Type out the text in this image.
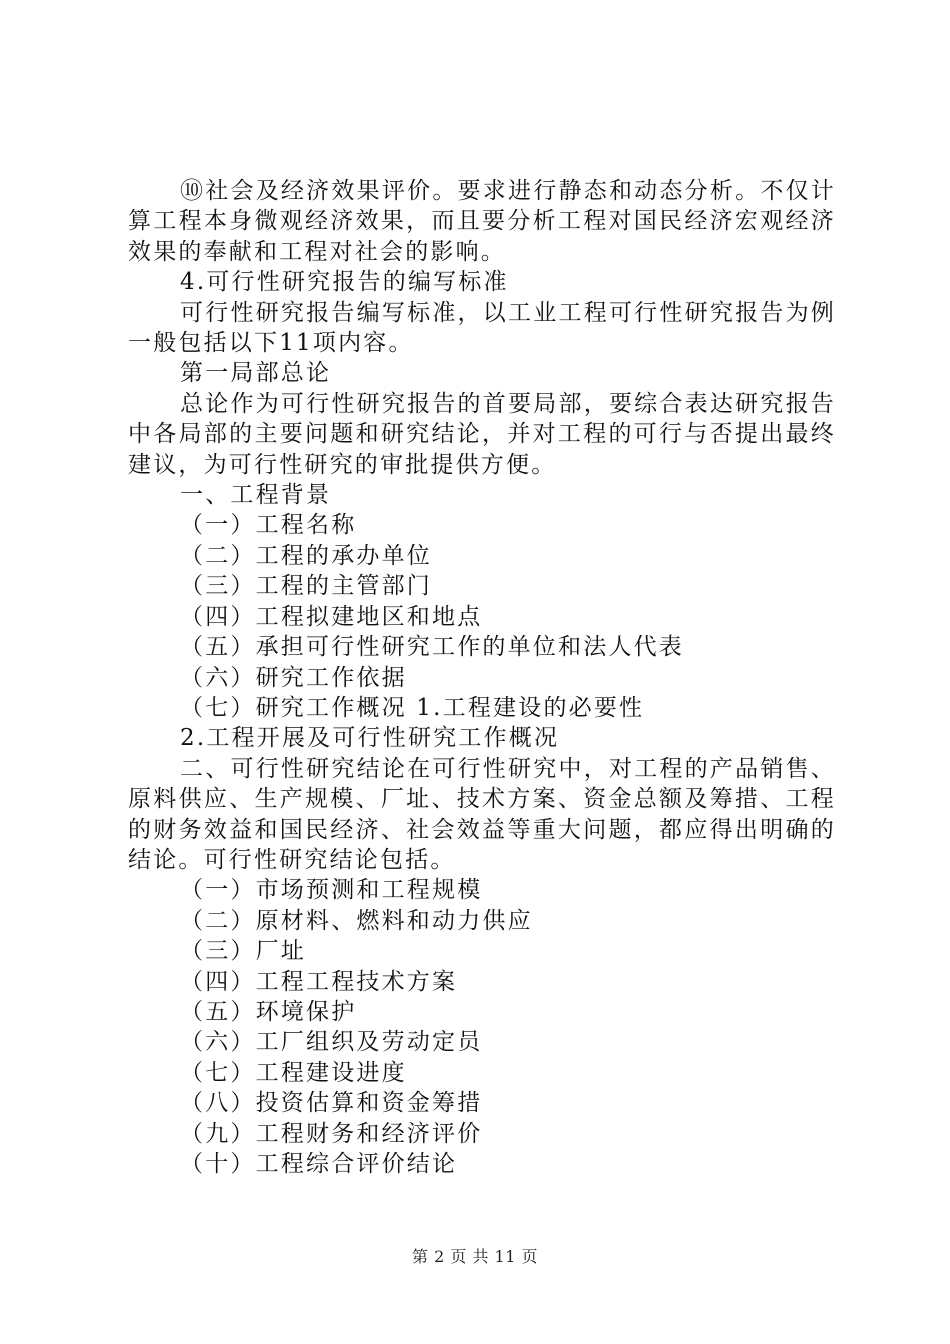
⑩社会及经济效果评价。要求进行静态和动态分析。不仅计算工程本身微观经济效果，而且要分析工程对国民经济宏观经济效果的奉献和工程对社会的影响。

4.可行性研究报告的编写标准

可行性研究报告编写标准，以工业工程可行性研究报告为例一般包括以下11项内容。

第一局部总论

总论作为可行性研究报告的首要局部，要综合表达研究报告中各局部的主要问题和研究结论，并对工程的可行与否提出最终建议，为可行性研究的审批提供方便。

一、工程背景

（一）工程名称

（二）工程的承办单位

（三）工程的主管部门

（四）工程拟建地区和地点

（五）承担可行性研究工作的单位和法人代表

（六）研究工作依据

（七）研究工作概况 1.工程建设的必要性

2.工程开展及可行性研究工作概况

二、可行性研究结论在可行性研究中，对工程的产品销售、原料供应、生产规模、厂址、技术方案、资金总额及筹措、工程的财务效益和国民经济、社会效益等重大问题，都应得出明确的结论。可行性研究结论包括。

（一）市场预测和工程规模

（二）原材料、燃料和动力供应

（三）厂址

（四）工程工程技术方案

（五）环境保护

（六）工厂组织及劳动定员

（七）工程建设进度

（八）投资估算和资金筹措

（九）工程财务和经济评价

（十）工程综合评价结论

第 2 页 共 11 页
